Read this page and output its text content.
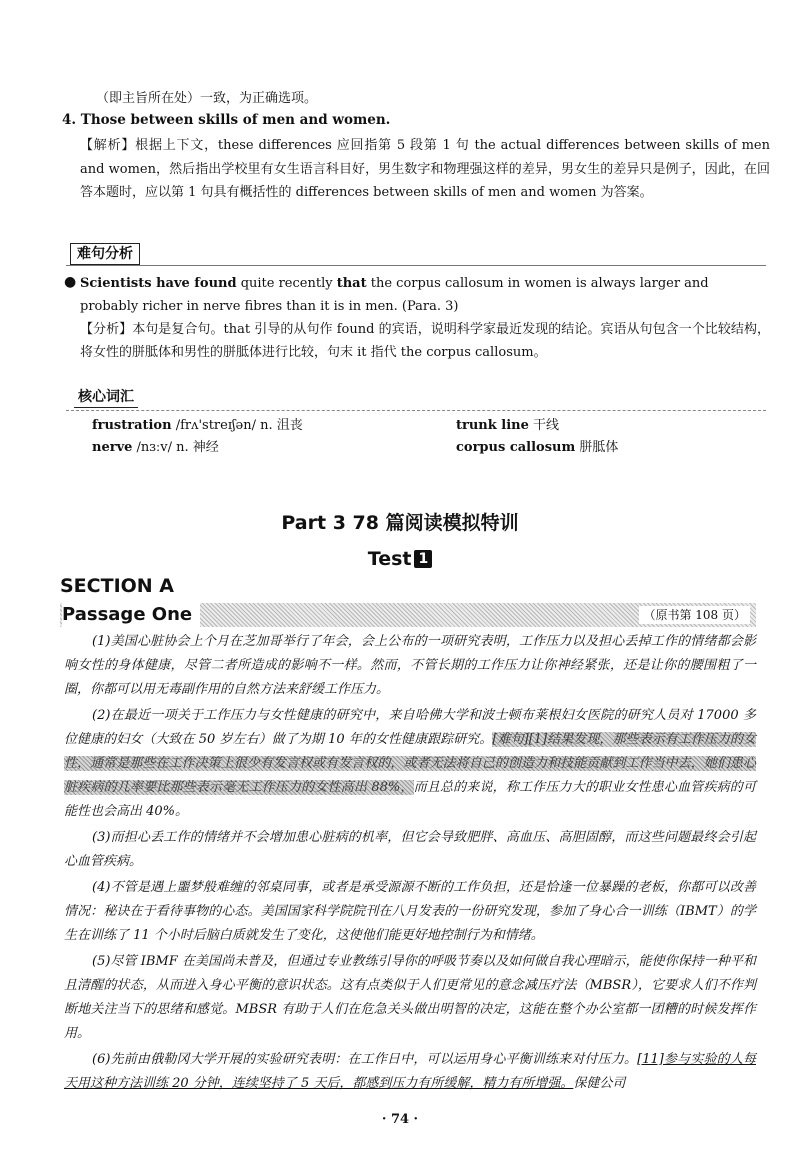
（即主旨所在处）一致，为正确选项。
4. Those between skills of men and women.
【解析】根据上下文，these differences 应回指第 5 段第 1 句 the actual differences between skills of men and women，然后指出学校里有女生语言科目好，男生数字和物理强这样的差异，男女生的差异只是例子，因此，在回答本题时，应以第 1 句具有概括性的 differences between skills of men and women 为答案。
难句分析
● Scientists have found quite recently that the corpus callosum in women is always larger and probably richer in nerve fibres than it is in men. (Para. 3)
【分析】本句是复合句。that 引导的从句作 found 的宾语，说明科学家最近发现的结论。宾语从句包含一个比较结构，将女性的胼胝体和男性的胼胝体进行比较，句末 it 指代 the corpus callosum。
核心词汇
frustration /frʌ'streɪʃən/ n. 沮丧
nerve /nɜːv/ n. 神经
trunk line 干线
corpus callosum 胼胝体
Part 3 78 篇阅读模拟特训
Test 1
SECTION A
Passage One	（原书第 108 页）

(1)美国心脏协会上个月在芝加哥举行了年会，会上公布的一项研究表明，工作压力以及担心丢掉工作的情绪都会影响女性的身体健康，尽管二者所造成的影响不一样。然而，不管长期的工作压力让你神经紧张，还是让你的腰围粗了一圈，你都可以用无毒副作用的自然方法来舒缓工作压力。

(2)在最近一项关于工作压力与女性健康的研究中，来自哈佛大学和波士顿布莱根妇女医院的研究人员对 17000 多位健康的妇女（大致在 50 岁左右）做了为期 10 年的女性健康跟踪研究。[难句][1]结果发现，那些表示有工作压力的女性，通常是那些在工作决策上很少有发言权或有发言权的，或者无法将自己的创造力和技能贡献到工作当中去，她们患心脏疾病的几率要比那些表示毫无工作压力的女性高出 88%，而且总的来说，称工作压力大的职业女性患心血管疾病的可能性也会高出 40%。

(3)而担心丢工作的情绪并不会增加患心脏病的机率，但它会导致肥胖、高血压、高胆固醇，而这些问题最终会引起心血管疾病。

(4)不管是遇上噩梦般难缠的邻桌同事，或者是承受源源不断的工作负担，还是恰逢一位暴躁的老板，你都可以改善情况：秘诀在于看待事物的心态。美国国家科学院院刊在八月发表的一份研究发现，参加了身心合一训练（IBMT）的学生在训练了 11 个小时后脑白质就发生了变化，这使他们能更好地控制行为和情绪。

(5)尽管 IBMF 在美国尚未普及，但通过专业教练引导你的呼吸节奏以及如何做自我心理暗示，能使你保持一种平和且清醒的状态，从而进入身心平衡的意识状态。这有点类似于人们更常见的意念减压疗法（MBSR），它要求人们不作判断地关注当下的思绪和感觉。MBSR 有助于人们在危急关头做出明智的决定，这能在整个办公室都一团糟的时候发挥作用。

(6)先前由俄勒冈大学开展的实验研究表明：在工作日中，可以运用身心平衡训练来对付压力。[11]参与实验的人每天用这种方法训练 20 分钟，连续坚持了 5 天后，都感到压力有所缓解，精力有所增强。保健公司

· 74 ·
